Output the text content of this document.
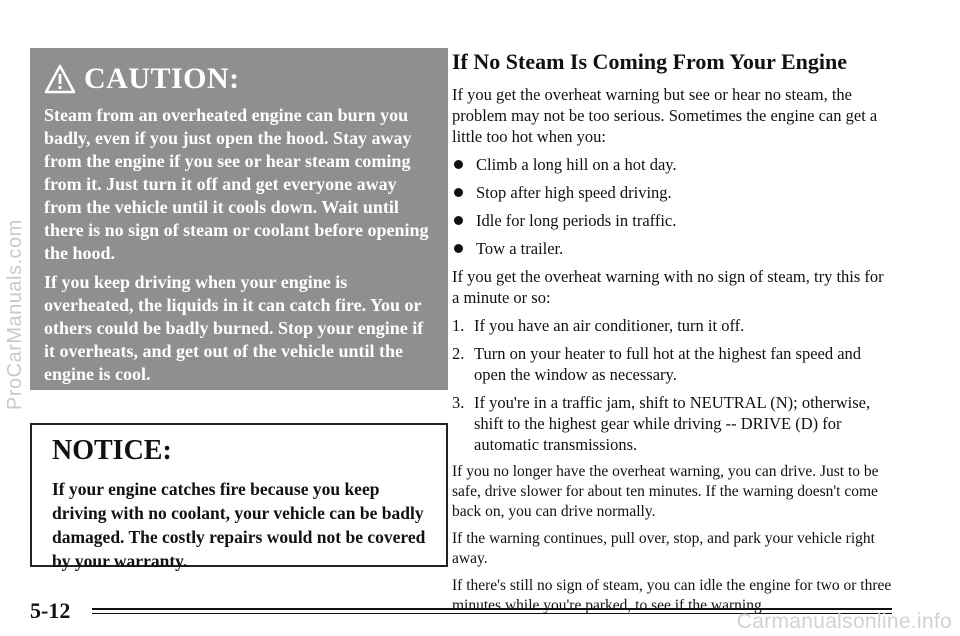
ProCarManuals.com
CAUTION:

Steam from an overheated engine can burn you badly, even if you just open the hood. Stay away from the engine if you see or hear steam coming from it. Just turn it off and get everyone away from the vehicle until it cools down. Wait until there is no sign of steam or coolant before opening the hood.

If you keep driving when your engine is overheated, the liquids in it can catch fire. You or others could be badly burned. Stop your engine if it overheats, and get out of the vehicle until the engine is cool.

NOTICE:

If your engine catches fire because you keep driving with no coolant, your vehicle can be badly damaged. The costly repairs would not be covered by your warranty.

If No Steam Is Coming From Your Engine

If you get the overheat warning but see or hear no steam, the problem may not be too serious. Sometimes the engine can get a little too hot when you:

Climb a long hill on a hot day.
Stop after high speed driving.
Idle for long periods in traffic.
Tow a trailer.

If you get the overheat warning with no sign of steam, try this for a minute or so:

1. If you have an air conditioner, turn it off.
2. Turn on your heater to full hot at the highest fan speed and open the window as necessary.
3. If you're in a traffic jam, shift to NEUTRAL (N); otherwise, shift to the highest gear while driving -- DRIVE (D) for automatic transmissions.

If you no longer have the overheat warning, you can drive. Just to be safe, drive slower for about ten minutes. If the warning doesn't come back on, you can drive normally.

If the warning continues, pull over, stop, and park your vehicle right away.

If there's still no sign of steam, you can idle the engine for two or three minutes while you're parked, to see if the warning

5-12	Carmanualsonline.info
